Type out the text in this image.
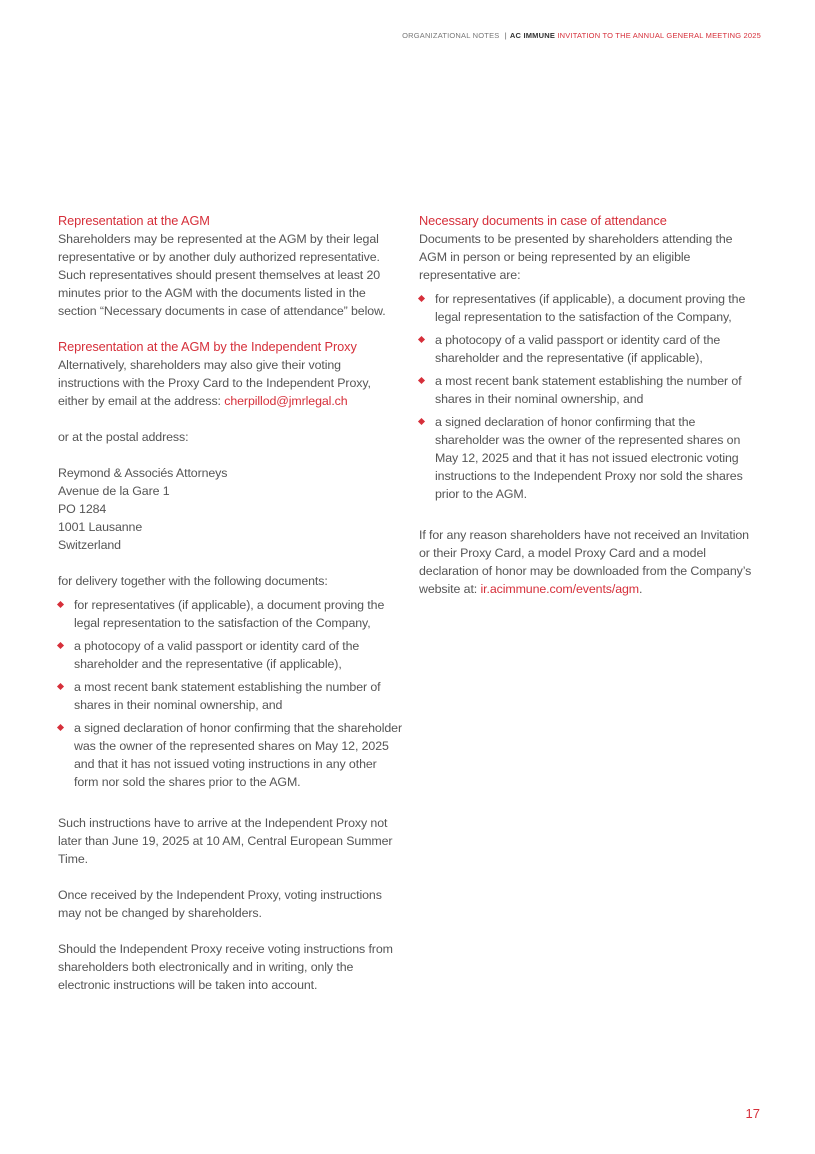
ORGANIZATIONAL NOTES | AC IMMUNE INVITATION TO THE ANNUAL GENERAL MEETING 2025
Representation at the AGM

Shareholders may be represented at the AGM by their legal representative or by another duly authorized representative. Such representatives should present themselves at least 20 minutes prior to the AGM with the documents listed in the section “Necessary documents in case of attendance” below.

Representation at the AGM by the Independent Proxy

Alternatively, shareholders may also give their voting instructions with the Proxy Card to the Independent Proxy, either by email at the address: cherpillod@jmrlegal.ch

or at the postal address:

Reymond & Associés Attorneys
Avenue de la Gare 1
PO 1284
1001 Lausanne
Switzerland

for delivery together with the following documents:

for representatives (if applicable), a document proving the legal representation to the satisfaction of the Company,
a photocopy of a valid passport or identity card of the shareholder and the representative (if applicable),
a most recent bank statement establishing the number of shares in their nominal ownership, and
a signed declaration of honor confirming that the shareholder was the owner of the represented shares on May 12, 2025 and that it has not issued voting instructions in any other form nor sold the shares prior to the AGM.

Such instructions have to arrive at the Independent Proxy not later than June 19, 2025 at 10 AM, Central European Summer Time.

Once received by the Independent Proxy, voting instructions may not be changed by shareholders.

Should the Independent Proxy receive voting instructions from shareholders both electronically and in writing, only the electronic instructions will be taken into account.

Necessary documents in case of attendance

Documents to be presented by shareholders attending the AGM in person or being represented by an eligible representative are:

for representatives (if applicable), a document proving the legal representation to the satisfaction of the Company,
a photocopy of a valid passport or identity card of the shareholder and the representative (if applicable),
a most recent bank statement establishing the number of shares in their nominal ownership, and
a signed declaration of honor confirming that the shareholder was the owner of the represented shares on May 12, 2025 and that it has not issued electronic voting instructions to the Independent Proxy nor sold the shares prior to the AGM.

If for any reason shareholders have not received an Invitation or their Proxy Card, a model Proxy Card and a model declaration of honor may be downloaded from the Company’s website at: ir.acimmune.com/events/agm.

17
